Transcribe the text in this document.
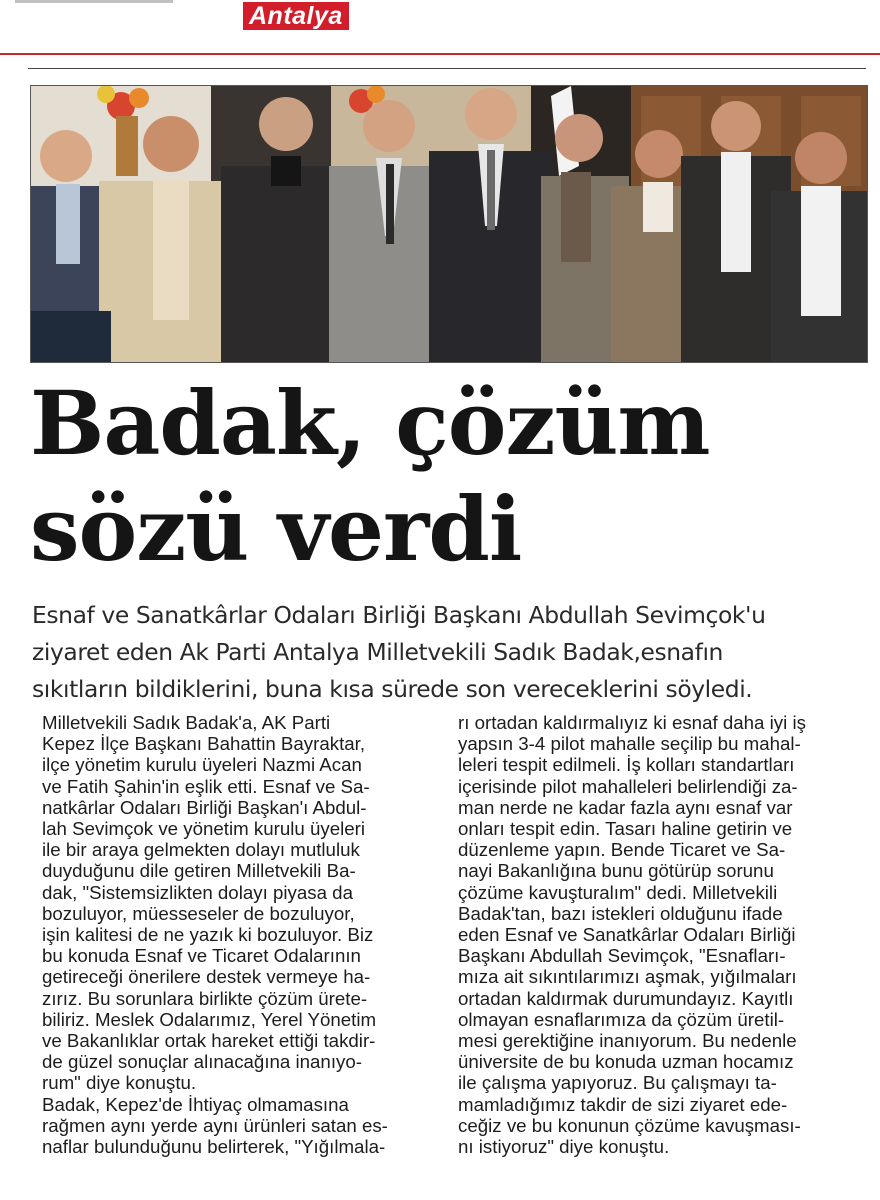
Antalya
Badak, çözüm
sözü verdi

Esnaf ve Sanatkârlar Odaları Birliği Başkanı Abdullah Sevimçok'u
ziyaret eden Ak Parti Antalya Milletvekili Sadık Badak,esnafın
sıkıtların bildiklerini, buna kısa sürede son vereceklerini söyledi.

Milletvekili Sadık Badak'a, AK Parti
Kepez İlçe Başkanı Bahattin Bayraktar,
ilçe yönetim kurulu üyeleri Nazmi Acan
ve Fatih Şahin'in eşlik etti. Esnaf ve Sa-
natkârlar Odaları Birliği Başkan'ı Abdul-
lah Sevimçok ve yönetim kurulu üyeleri
ile bir araya gelmekten dolayı mutluluk
duyduğunu dile getiren Milletvekili Ba-
dak, "Sistemsizlikten dolayı piyasa da
bozuluyor, müesseseler de bozuluyor,
işin kalitesi de ne yazık ki bozuluyor. Biz
bu konuda Esnaf ve Ticaret Odalarının
getireceği önerilere destek vermeye ha-
zırız. Bu sorunlara birlikte çözüm ürete-
biliriz. Meslek Odalarımız, Yerel Yönetim
ve Bakanlıklar ortak hareket ettiği takdir-
de güzel sonuçlar alınacağına inanıyo-
rum" diye konuştu.
Badak, Kepez'de İhtiyaç olmamasına
rağmen aynı yerde aynı ürünleri satan es-
naflar bulunduğunu belirterek, "Yığılmala-
rı ortadan kaldırmalıyız ki esnaf daha iyi iş
yapsın 3-4 pilot mahalle seçilip bu mahal-
leleri tespit edilmeli. İş kolları standartları
içerisinde pilot mahalleleri belirlendiği za-
man nerde ne kadar fazla aynı esnaf var
onları tespit edin. Tasarı haline getirin ve
düzenleme yapın. Bende Ticaret ve Sa-
nayi Bakanlığına bunu götürüp sorunu
çözüme kavuşturalım" dedi. Milletvekili
Badak'tan, bazı istekleri olduğunu ifade
eden Esnaf ve Sanatkârlar Odaları Birliği
Başkanı Abdullah Sevimçok, "Esnafları-
mıza ait sıkıntılarımızı aşmak, yığılmaları
ortadan kaldırmak durumundayız. Kayıtlı
olmayan esnaflarımıza da çözüm üretil-
mesi gerektiğine inanıyorum. Bu nedenle
üniversite de bu konuda uzman hocamız
ile çalışma yapıyoruz. Bu çalışmayı ta-
mamladığımız takdir de sizi ziyaret ede-
ceğiz ve bu konunun çözüme kavuşması-
nı istiyoruz" diye konuştu.
